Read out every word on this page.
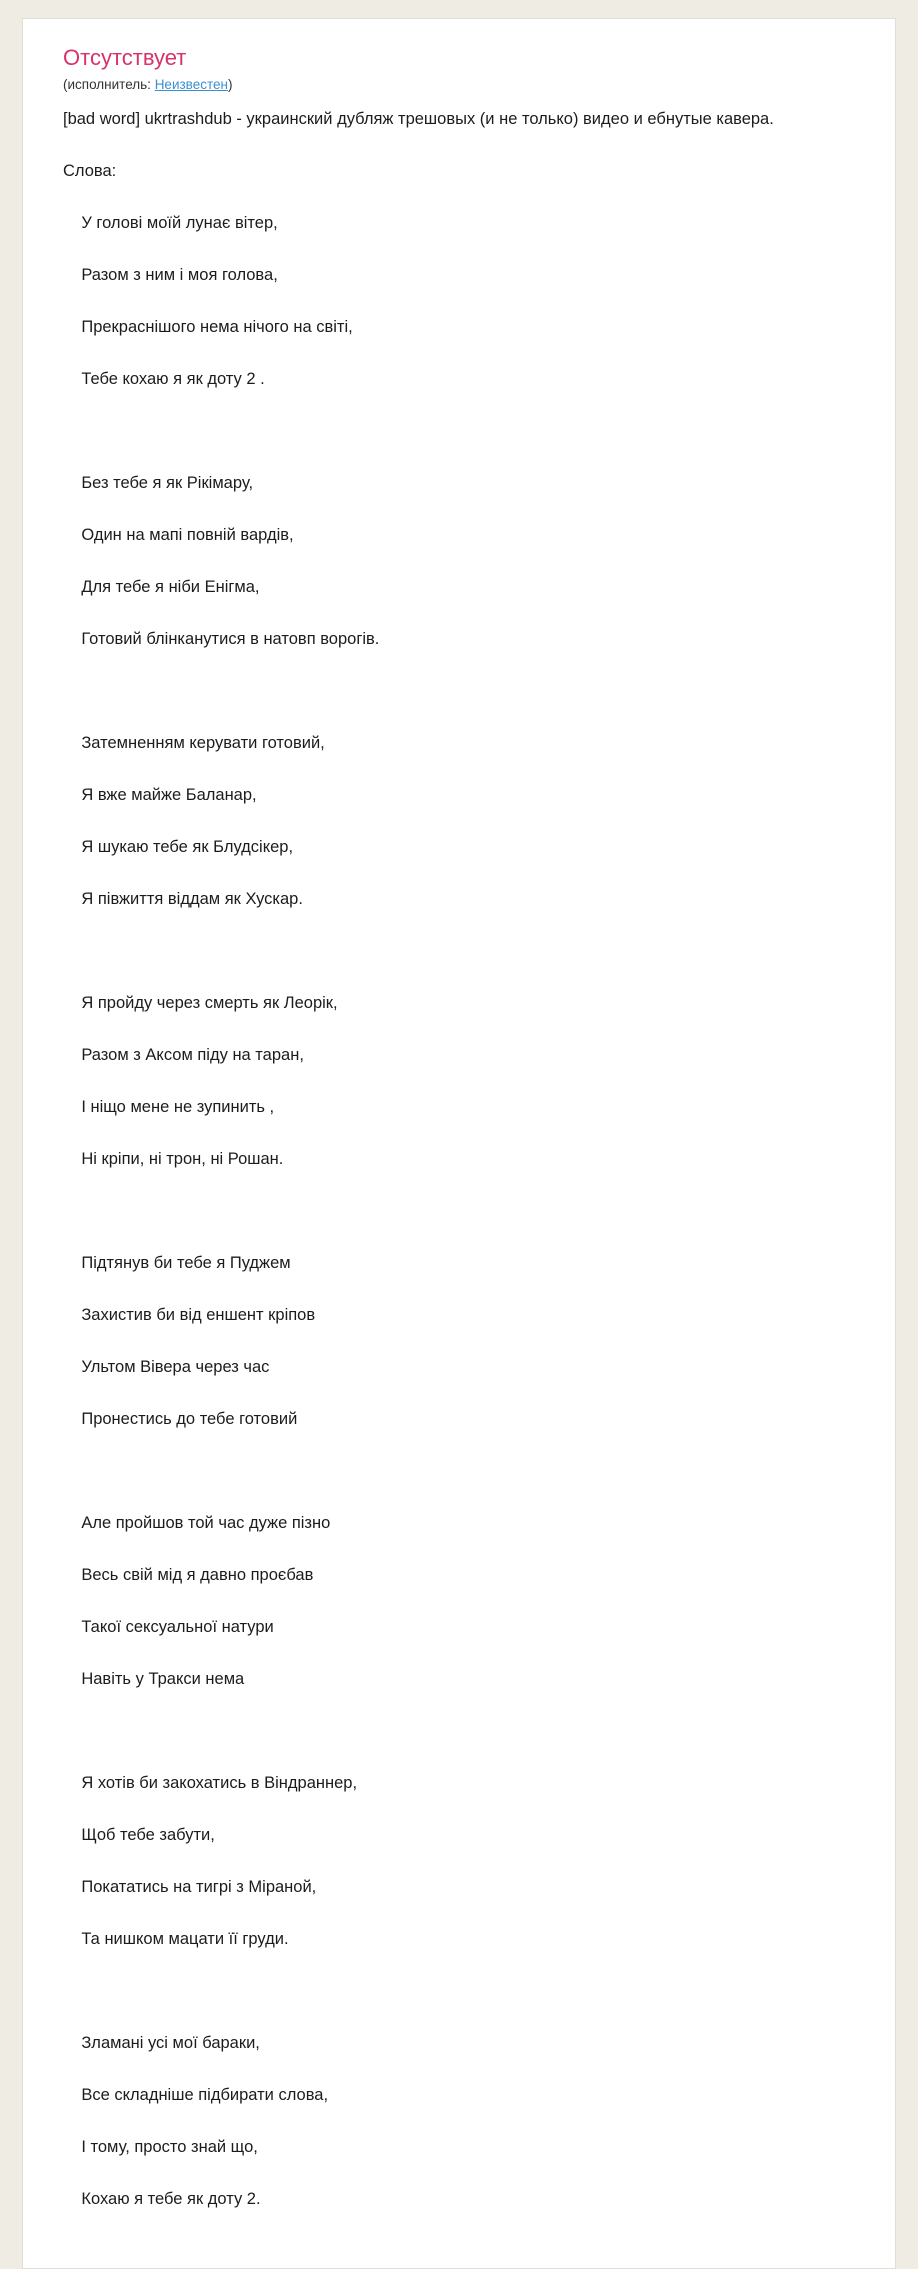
Отсутствует
(исполнитель: Неизвестен)
[bad word] ukrtrashdub - украинский дубляж трешовых (и не только) видео и ебнутые кавера.
Слова:

У голові моїй лунає вітер,

Разом з ним і моя голова,

Прекраснішого нема нічого на світі,

Тебе кохаю я як доту 2 .

Без тебе я як Рікімару,

Один на мапі повній вардів,

Для тебе я ніби Енігма,

Готовий блінканутися в натовп ворогів.

Затемненням керувати готовий,

Я вже майже Баланар,

Я шукаю тебе як Блудсікер,

Я півжиття віддам як Хускар.

Я пройду через смерть як Леорік,

Разом з Аксом піду на таран,

І ніщо мене не зупинить ,

Ні кріпи, ні трон, ні Рошан.

Підтянув би тебе я Пуджем

Захистив би від еншент кріпов

Ультом Вівера через час

Пронестись до тебе готовий

Але пройшов той час дуже пізно

Весь свій мід я давно проєбав

Такої сексуальної натури

Навіть у Тракси нема

Я хотів би закохатись в Віндраннер,

Щоб тебе забути,

Покататись на тигрі з Міраной,

Та нишком мацати її груди.

Зламані усі мої бараки,

Все складніше підбирати слова,

І тому, просто знай що,

Кохаю я тебе як доту 2.
